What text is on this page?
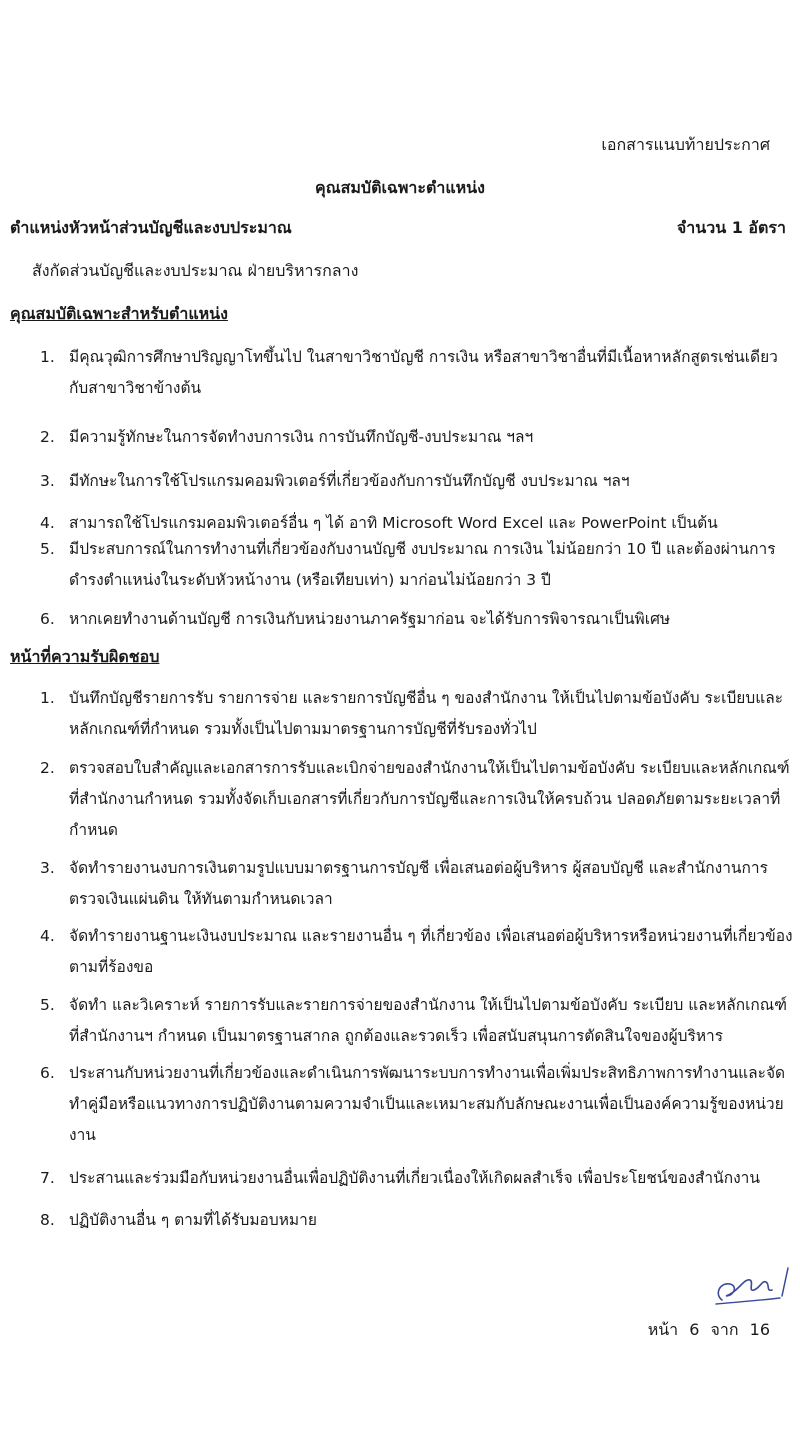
เอกสารแนบท้ายประกาศ
คุณสมบัติเฉพาะตำแหน่ง
ตำแหน่งหัวหน้าส่วนบัญชีและงบประมาณ	จำนวน 1 อัตรา
สังกัดส่วนบัญชีและงบประมาณ ฝ่ายบริหารกลาง
คุณสมบัติเฉพาะสำหรับตำแหน่ง
1. มีคุณวุฒิการศึกษาปริญญาโทขึ้นไป ในสาขาวิชาบัญชี การเงิน หรือสาขาวิชาอื่นที่มีเนื้อหาหลักสูตรเช่นเดียวกับสาขาวิชาข้างต้น
2. มีความรู้ทักษะในการจัดทำงบการเงิน การบันทึกบัญชี-งบประมาณ ฯลฯ
3. มีทักษะในการใช้โปรแกรมคอมพิวเตอร์ที่เกี่ยวข้องกับการบันทึกบัญชี งบประมาณ ฯลฯ
4. สามารถใช้โปรแกรมคอมพิวเตอร์อื่น ๆ ได้ อาทิ Microsoft Word Excel และ PowerPoint เป็นต้น
5. มีประสบการณ์ในการทำงานที่เกี่ยวข้องกับงานบัญชี งบประมาณ การเงิน ไม่น้อยกว่า 10 ปี และต้องผ่านการดำรงตำแหน่งในระดับหัวหน้างาน (หรือเทียบเท่า) มาก่อนไม่น้อยกว่า 3 ปี
6. หากเคยทำงานด้านบัญชี การเงินกับหน่วยงานภาครัฐมาก่อน จะได้รับการพิจารณาเป็นพิเศษ
หน้าที่ความรับผิดชอบ
1. บันทึกบัญชีรายการรับ รายการจ่าย และรายการบัญชีอื่น ๆ ของสำนักงาน ให้เป็นไปตามข้อบังคับ ระเบียบและหลักเกณฑ์ที่กำหนด รวมทั้งเป็นไปตามมาตรฐานการบัญชีที่รับรองทั่วไป
2. ตรวจสอบใบสำคัญและเอกสารการรับและเบิกจ่ายของสำนักงานให้เป็นไปตามข้อบังคับ ระเบียบและหลักเกณฑ์ที่สำนักงานกำหนด รวมทั้งจัดเก็บเอกสารที่เกี่ยวกับการบัญชีและการเงินให้ครบถ้วน ปลอดภัยตามระยะเวลาที่กำหนด
3. จัดทำรายงานงบการเงินตามรูปแบบมาตรฐานการบัญชี เพื่อเสนอต่อผู้บริหาร ผู้สอบบัญชี และสำนักงานการตรวจเงินแผ่นดิน ให้ทันตามกำหนดเวลา
4. จัดทำรายงานฐานะเงินงบประมาณ และรายงานอื่น ๆ ที่เกี่ยวข้อง เพื่อเสนอต่อผู้บริหารหรือหน่วยงานที่เกี่ยวข้องตามที่ร้องขอ
5. จัดทำ และวิเคราะห์ รายการรับและรายการจ่ายของสำนักงาน ให้เป็นไปตามข้อบังคับ ระเบียบ และหลักเกณฑ์ที่สำนักงานฯ กำหนด เป็นมาตรฐานสากล ถูกต้องและรวดเร็ว เพื่อสนับสนุนการตัดสินใจของผู้บริหาร
6. ประสานกับหน่วยงานที่เกี่ยวข้องและดำเนินการพัฒนาระบบการทำงานเพื่อเพิ่มประสิทธิภาพการทำงานและจัดทำคู่มือหรือแนวทางการปฏิบัติงานตามความจำเป็นและเหมาะสมกับลักษณะงานเพื่อเป็นองค์ความรู้ของหน่วยงาน
7. ประสานและร่วมมือกับหน่วยงานอื่นเพื่อปฏิบัติงานที่เกี่ยวเนื่องให้เกิดผลสำเร็จ เพื่อประโยชน์ของสำนักงาน
8. ปฏิบัติงานอื่น ๆ ตามที่ได้รับมอบหมาย
หน้า 6 จาก 16
